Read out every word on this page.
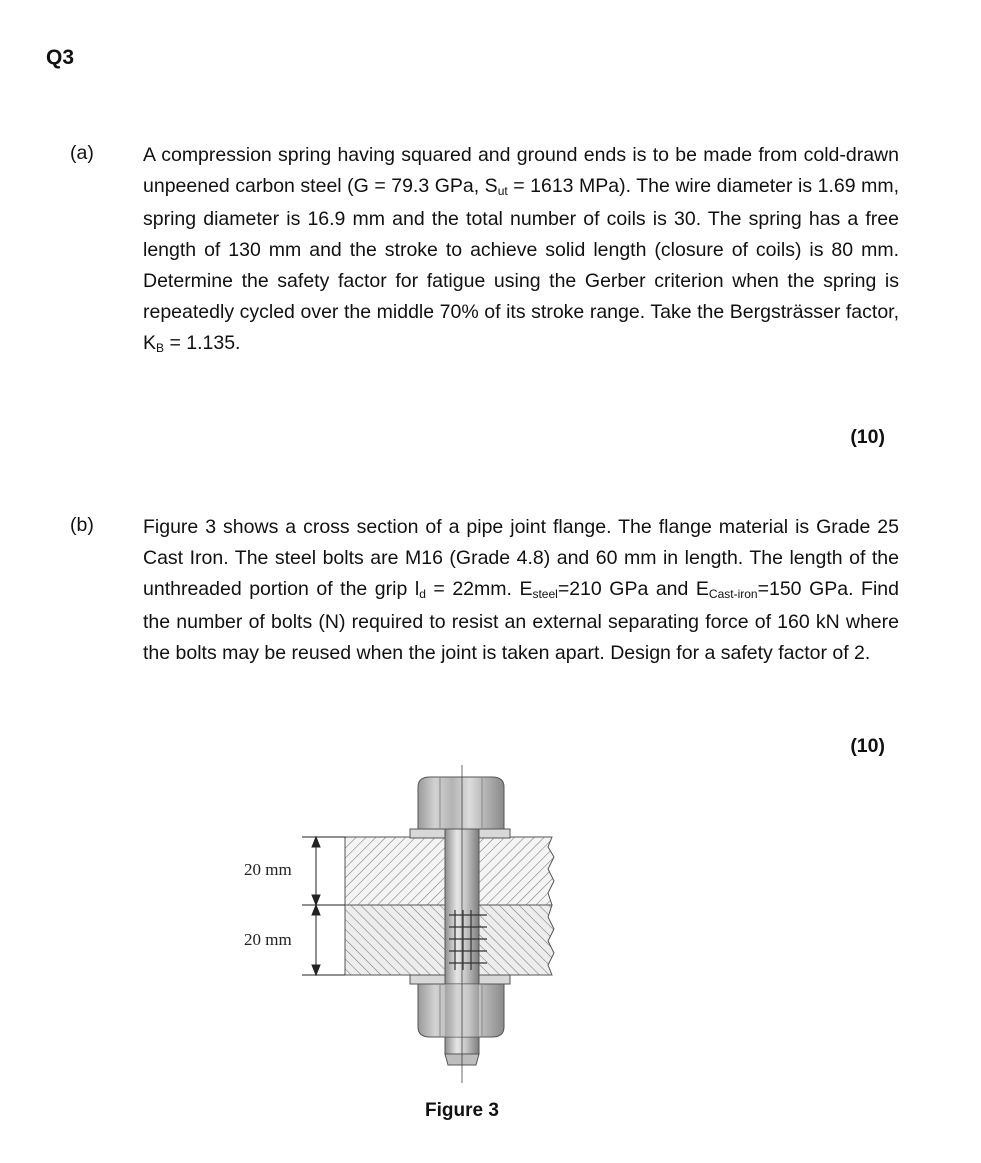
Q3
(a)	A compression spring having squared and ground ends is to be made from cold-drawn unpeened carbon steel (G = 79.3 GPa, $S_{ut} = 1613$ MPa). The wire diameter is 1.69 mm, spring diameter is 16.9 mm and the total number of coils is 30. The spring has a free length of 130 mm and the stroke to achieve solid length (closure of coils) is 80 mm. Determine the safety factor for fatigue using the Gerber criterion when the spring is repeatedly cycled over the middle 70% of its stroke range. Take the Bergsträsser factor, $K_B = 1.135$.

(10)
(b)	Figure 3 shows a cross section of a pipe joint flange. The flange material is Grade 25 Cast Iron. The steel bolts are M16 (Grade 4.8) and 60 mm in length. The length of the unthreaded portion of the grip $l_d = 22mm$. $E_{steel}=210$ GPa and $E_{Cast-iron}=150$ GPa. Find the number of bolts (N) required to resist an external separating force of 160 kN where the bolts may be reused when the joint is taken apart. Design for a safety factor of 2.

(10)
20 mm
20 mm
Figure 3
